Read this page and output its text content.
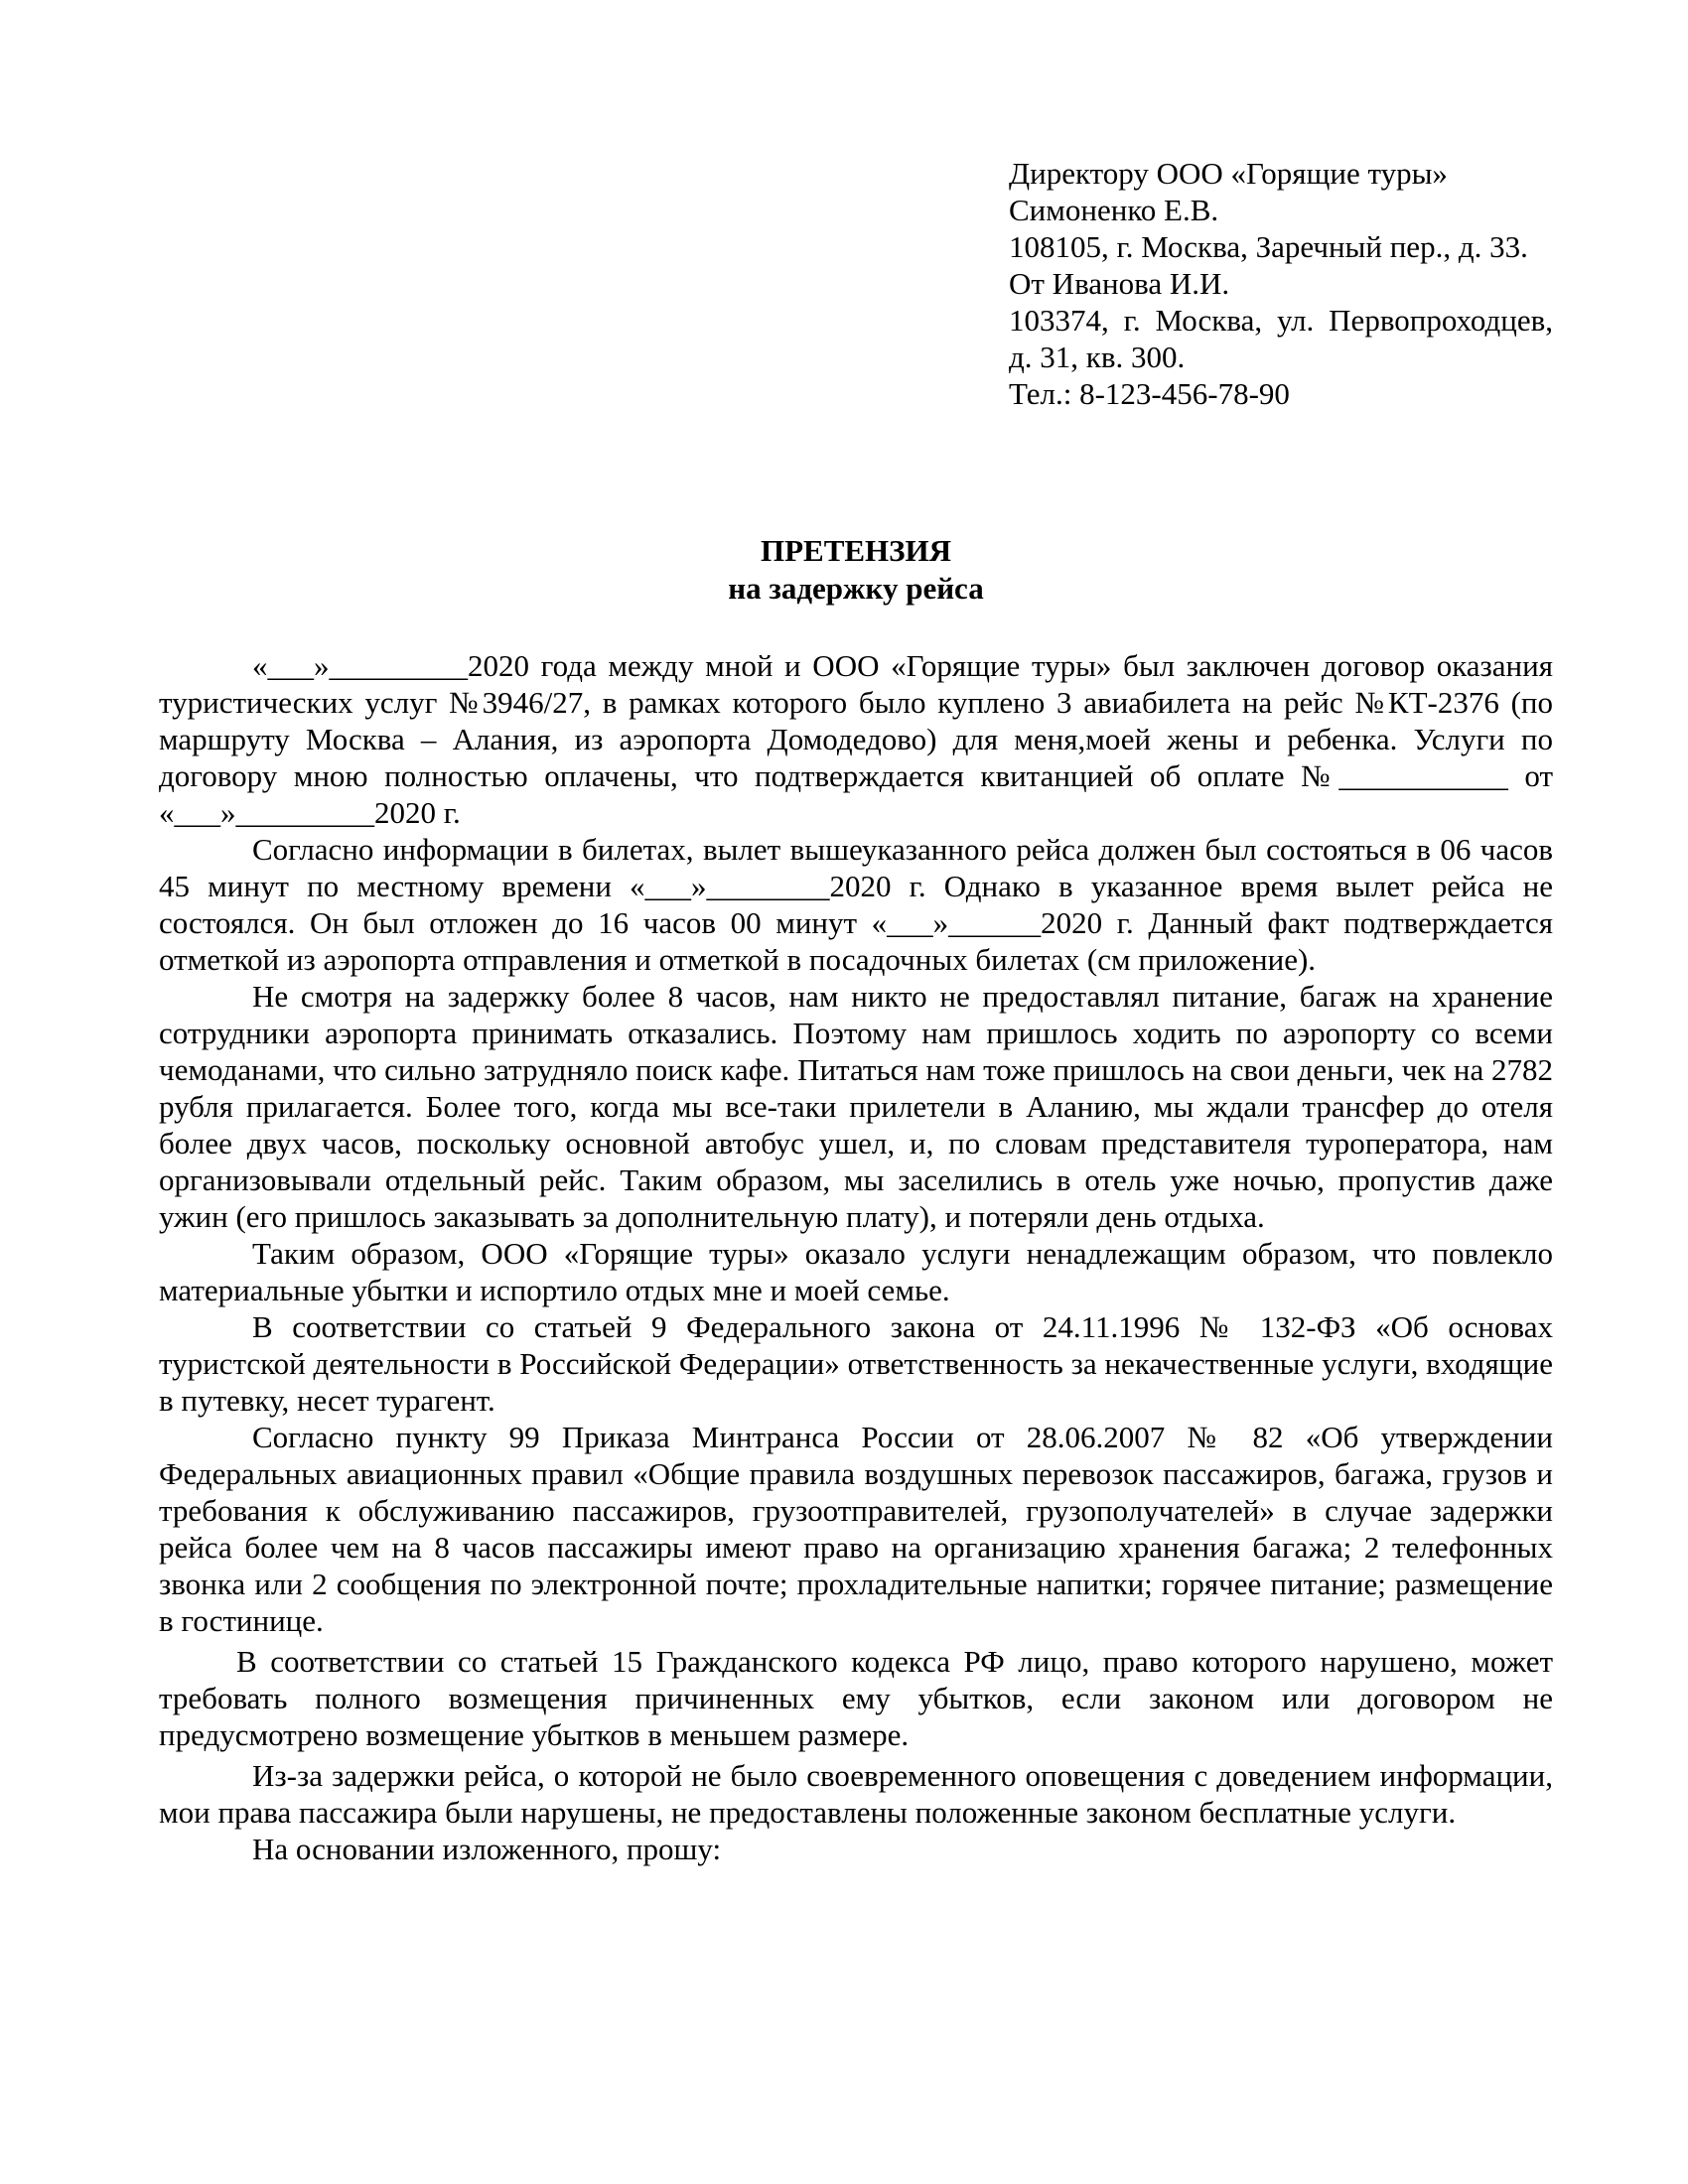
Директору ООО «Горящие туры»
Симоненко Е.В.
108105, г. Москва, Заречный пер., д. 33.
От Иванова И.И.
103374, г. Москва, ул. Первопроходцев, д. 31, кв. 300.
Тел.: 8-123-456-78-90
ПРЕТЕНЗИЯ
на задержку рейса

«___»_________2020 года между мной и ООО «Горящие туры» был заключен договор оказания туристических услуг №3946/27, в рамках которого было куплено 3 авиабилета на рейс №КТ-2376 (по маршруту Москва – Алания, из аэропорта Домодедово) для меня,моей жены и ребенка. Услуги по договору мною полностью оплачены, что подтверждается квитанцией об оплате №___________ от «___»_________2020 г.

Согласно информации в билетах, вылет вышеуказанного рейса должен был состояться в 06 часов 45 минут по местному времени «___»________2020 г. Однако в указанное время вылет рейса не состоялся. Он был отложен до 16 часов 00 минут «___»______2020 г. Данный факт подтверждается отметкой из аэропорта отправления и отметкой в посадочных билетах (см приложение).

Не смотря на задержку более 8 часов, нам никто не предоставлял питание, багаж на хранение сотрудники аэропорта принимать отказались. Поэтому нам пришлось ходить по аэропорту со всеми чемоданами, что сильно затрудняло поиск кафе. Питаться нам тоже пришлось на свои деньги, чек на 2782 рубля прилагается. Более того, когда мы все-таки прилетели в Аланию, мы ждали трансфер до отеля более двух часов, поскольку основной автобус ушел, и, по словам представителя туроператора, нам организовывали отдельный рейс. Таким образом, мы заселились в отель уже ночью, пропустив даже ужин (его пришлось заказывать за дополнительную плату), и потеряли день отдыха.

Таким образом, ООО «Горящие туры» оказало услуги ненадлежащим образом, что повлекло материальные убытки и испортило отдых мне и моей семье.

В соответствии со статьей 9 Федерального закона от 24.11.1996 № 132-ФЗ «Об основах туристской деятельности в Российской Федерации» ответственность за некачественные услуги, входящие в путевку, несет турагент.

Согласно пункту 99 Приказа Минтранса России от 28.06.2007 № 82 «Об утверждении Федеральных авиационных правил «Общие правила воздушных перевозок пассажиров, багажа, грузов и требования к обслуживанию пассажиров, грузоотправителей, грузополучателей» в случае задержки рейса более чем на 8 часов пассажиры имеют право на организацию хранения багажа; 2 телефонных звонка или 2 сообщения по электронной почте; прохладительные напитки; горячее питание; размещение в гостинице.

В соответствии со статьей 15 Гражданского кодекса РФ лицо, право которого нарушено, может требовать полного возмещения причиненных ему убытков, если законом или договором не предусмотрено возмещение убытков в меньшем размере.

Из-за задержки рейса, о которой не было своевременного оповещения с доведением информации, мои права пассажира были нарушены, не предоставлены положенные законом бесплатные услуги.

На основании изложенного, прошу:
